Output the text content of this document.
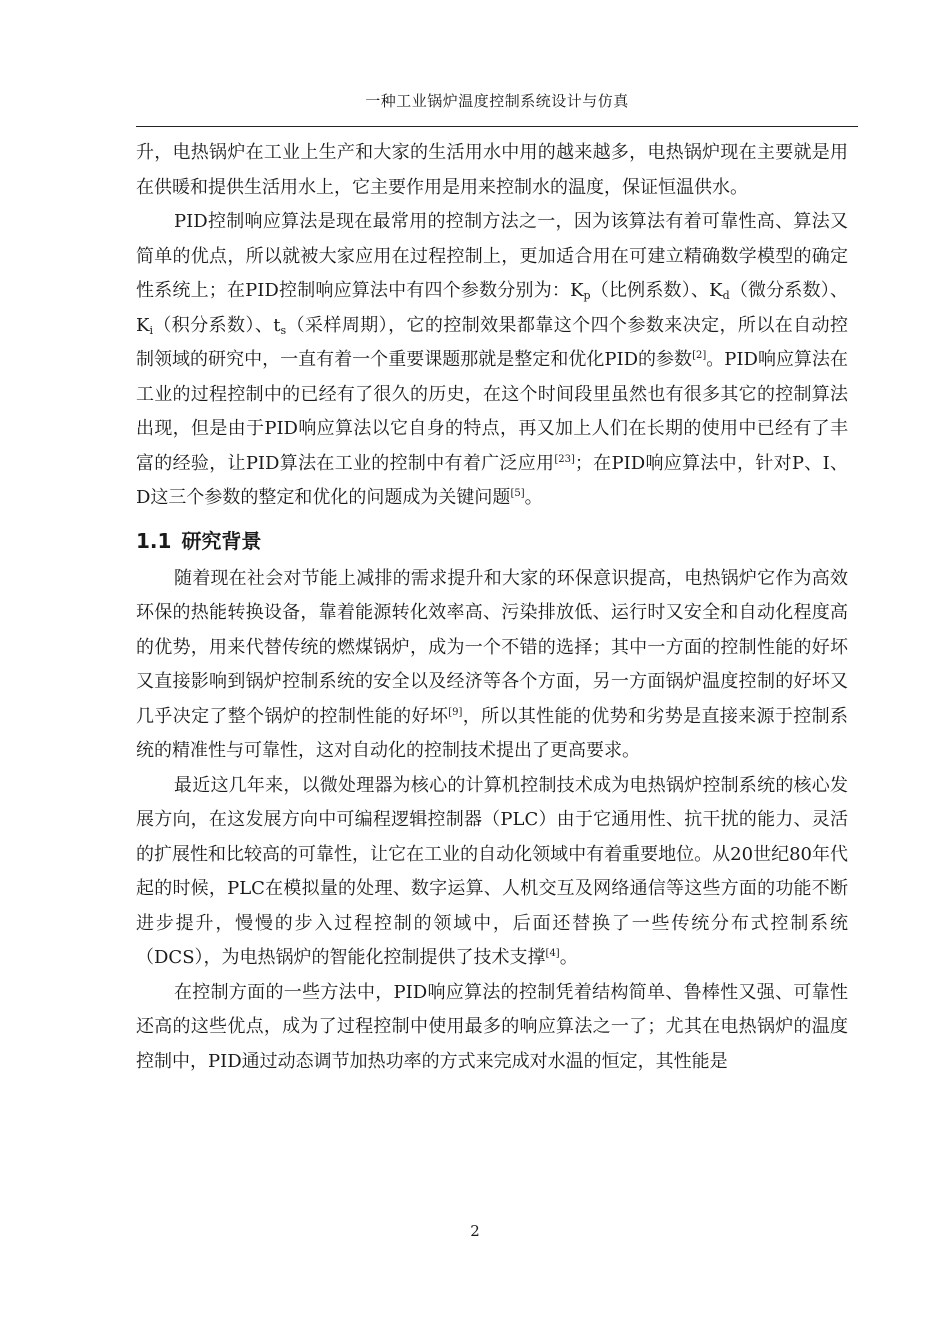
一种工业锅炉温度控制系统设计与仿真

升，电热锅炉在工业上生产和大家的生活用水中用的越来越多，电热锅炉现在主要就是用在供暖和提供生活用水上，它主要作用是用来控制水的温度，保证恒温供水。

PID控制响应算法是现在最常用的控制方法之一，因为该算法有着可靠性高、算法又简单的优点，所以就被大家应用在过程控制上，更加适合用在可建立精确数学模型的确定性系统上；在PID控制响应算法中有四个参数分别为：$K_p$（比例系数）、$K_d$（微分系数）、$K_i$（积分系数）、$t_s$（采样周期），它的控制效果都靠这个四个参数来决定，所以在自动控制领域的研究中，一直有着一个重要课题那就是整定和优化PID的参数[2]。PID响应算法在工业的过程控制中的已经有了很久的历史，在这个时间段里虽然也有很多其它的控制算法出现，但是由于PID响应算法以它自身的特点，再又加上人们在长期的使用中已经有了丰富的经验，让PID算法在工业的控制中有着广泛应用[23]；在PID响应算法中，针对P、I、D这三个参数的整定和优化的问题成为关键问题[5]。

1.1 研究背景

随着现在社会对节能上减排的需求提升和大家的环保意识提高，电热锅炉它作为高效环保的热能转换设备，靠着能源转化效率高、污染排放低、运行时又安全和自动化程度高的优势，用来代替传统的燃煤锅炉，成为一个不错的选择；其中一方面的控制性能的好坏又直接影响到锅炉控制系统的安全以及经济等各个方面，另一方面锅炉温度控制的好坏又几乎决定了整个锅炉的控制性能的好坏[9]，所以其性能的优势和劣势是直接来源于控制系统的精准性与可靠性，这对自动化的控制技术提出了更高要求。

最近这几年来，以微处理器为核心的计算机控制技术成为电热锅炉控制系统的核心发展方向，在这发展方向中可编程逻辑控制器（PLC）由于它通用性、抗干扰的能力、灵活的扩展性和比较高的可靠性，让它在工业的自动化领域中有着重要地位。从20世纪80年代起的时候，PLC在模拟量的处理、数字运算、人机交互及网络通信等这些方面的功能不断进步提升，慢慢的步入过程控制的领域中，后面还替换了一些传统分布式控制系统（DCS），为电热锅炉的智能化控制提供了技术支撑[4]。

在控制方面的一些方法中，PID响应算法的控制凭着结构简单、鲁棒性又强、可靠性还高的这些优点，成为了过程控制中使用最多的响应算法之一了；尤其在电热锅炉的温度控制中，PID通过动态调节加热功率的方式来完成对水温的恒定，其性能是

2
